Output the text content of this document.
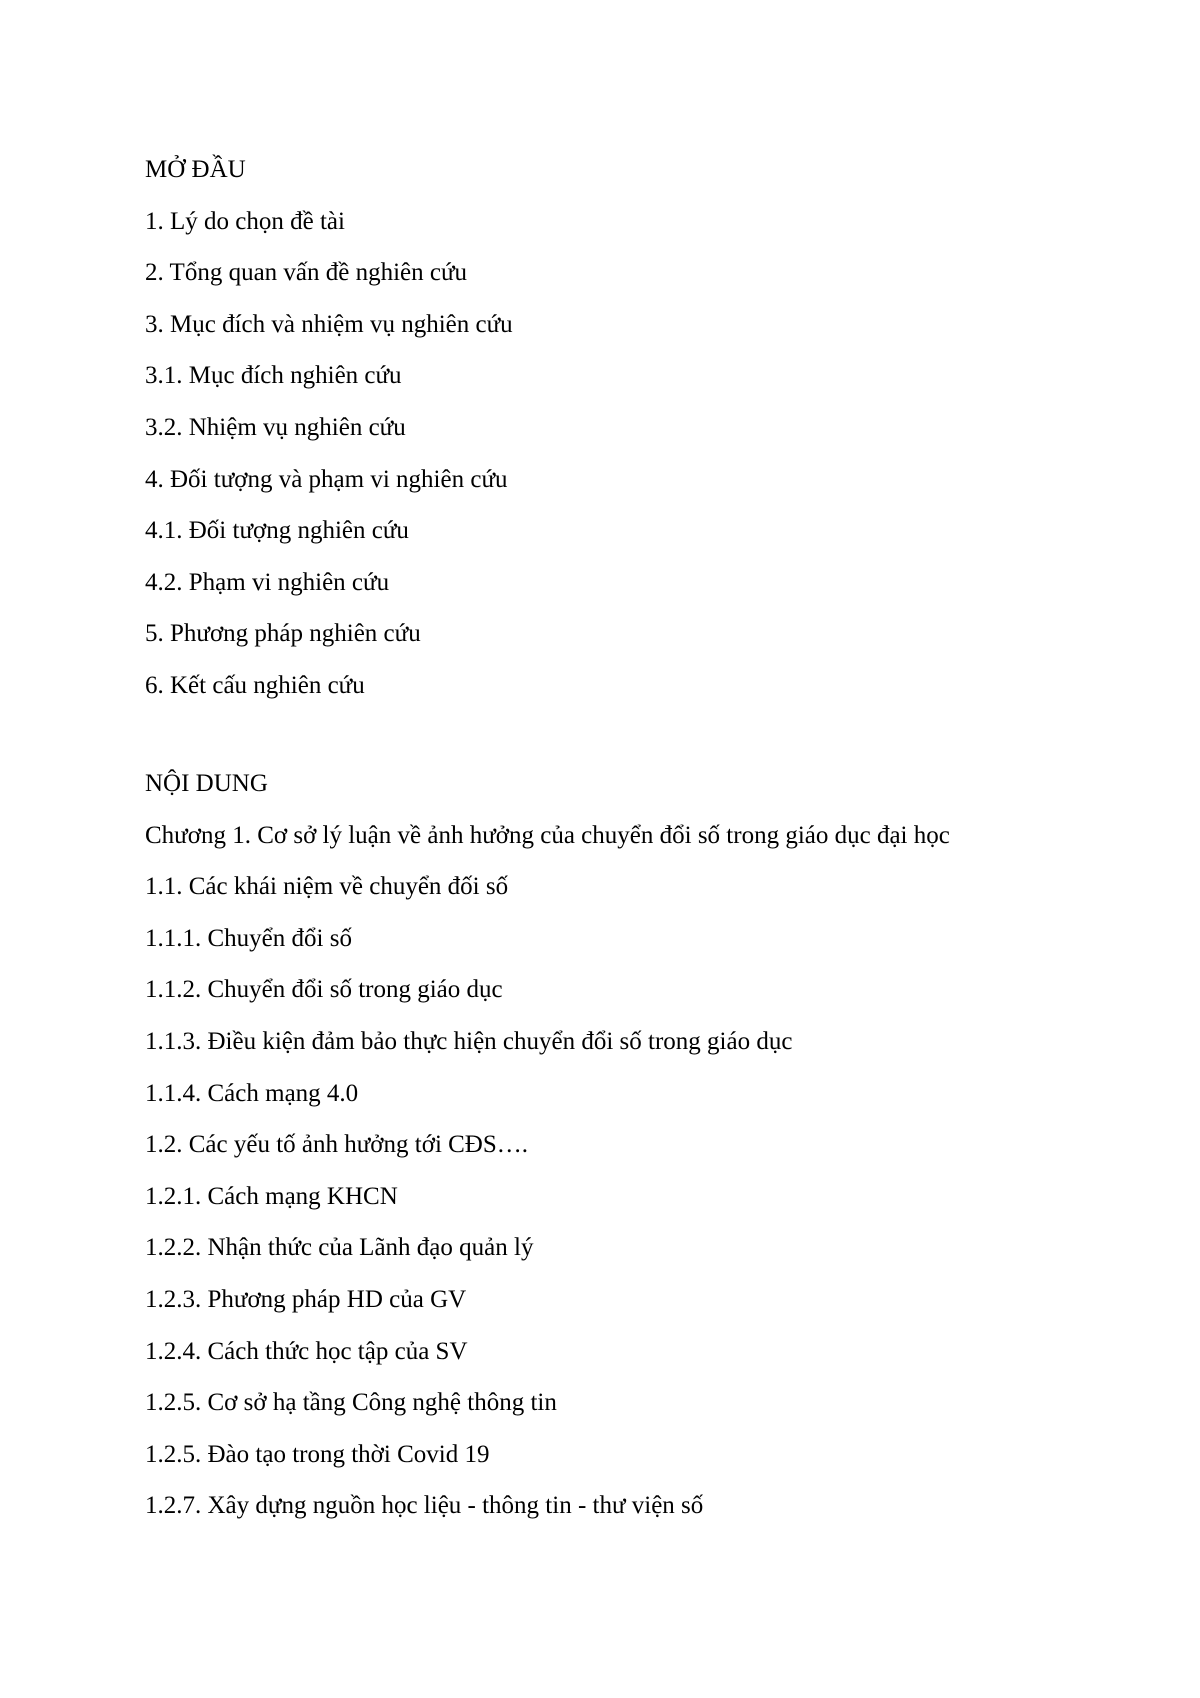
MỞ ĐẦU

1. Lý do chọn đề tài

2. Tổng quan vấn đề nghiên cứu

3. Mục đích và nhiệm vụ nghiên cứu

3.1. Mục đích nghiên cứu

3.2. Nhiệm vụ nghiên cứu

4. Đối tượng và phạm vi nghiên cứu

4.1. Đối tượng nghiên cứu

4.2. Phạm vi nghiên cứu

5. Phương pháp nghiên cứu

6. Kết cấu nghiên cứu

NỘI DUNG

Chương 1. Cơ sở lý luận về ảnh hưởng của chuyển đổi số trong giáo dục đại học

1.1. Các khái niệm về chuyển đối số

1.1.1. Chuyển đổi số

1.1.2. Chuyển đổi số trong giáo dục

1.1.3. Điều kiện đảm bảo thực hiện chuyển đổi số trong giáo dục

1.1.4. Cách mạng 4.0

1.2. Các yếu tố ảnh hưởng tới CĐS….

1.2.1. Cách mạng KHCN

1.2.2. Nhận thức của Lãnh đạo quản lý

1.2.3. Phương pháp HD của GV

1.2.4. Cách thức học tập của SV

1.2.5. Cơ sở hạ tầng Công nghệ thông tin

1.2.5. Đào tạo trong thời Covid 19

1.2.7. Xây dựng nguồn học liệu - thông tin - thư viện số
